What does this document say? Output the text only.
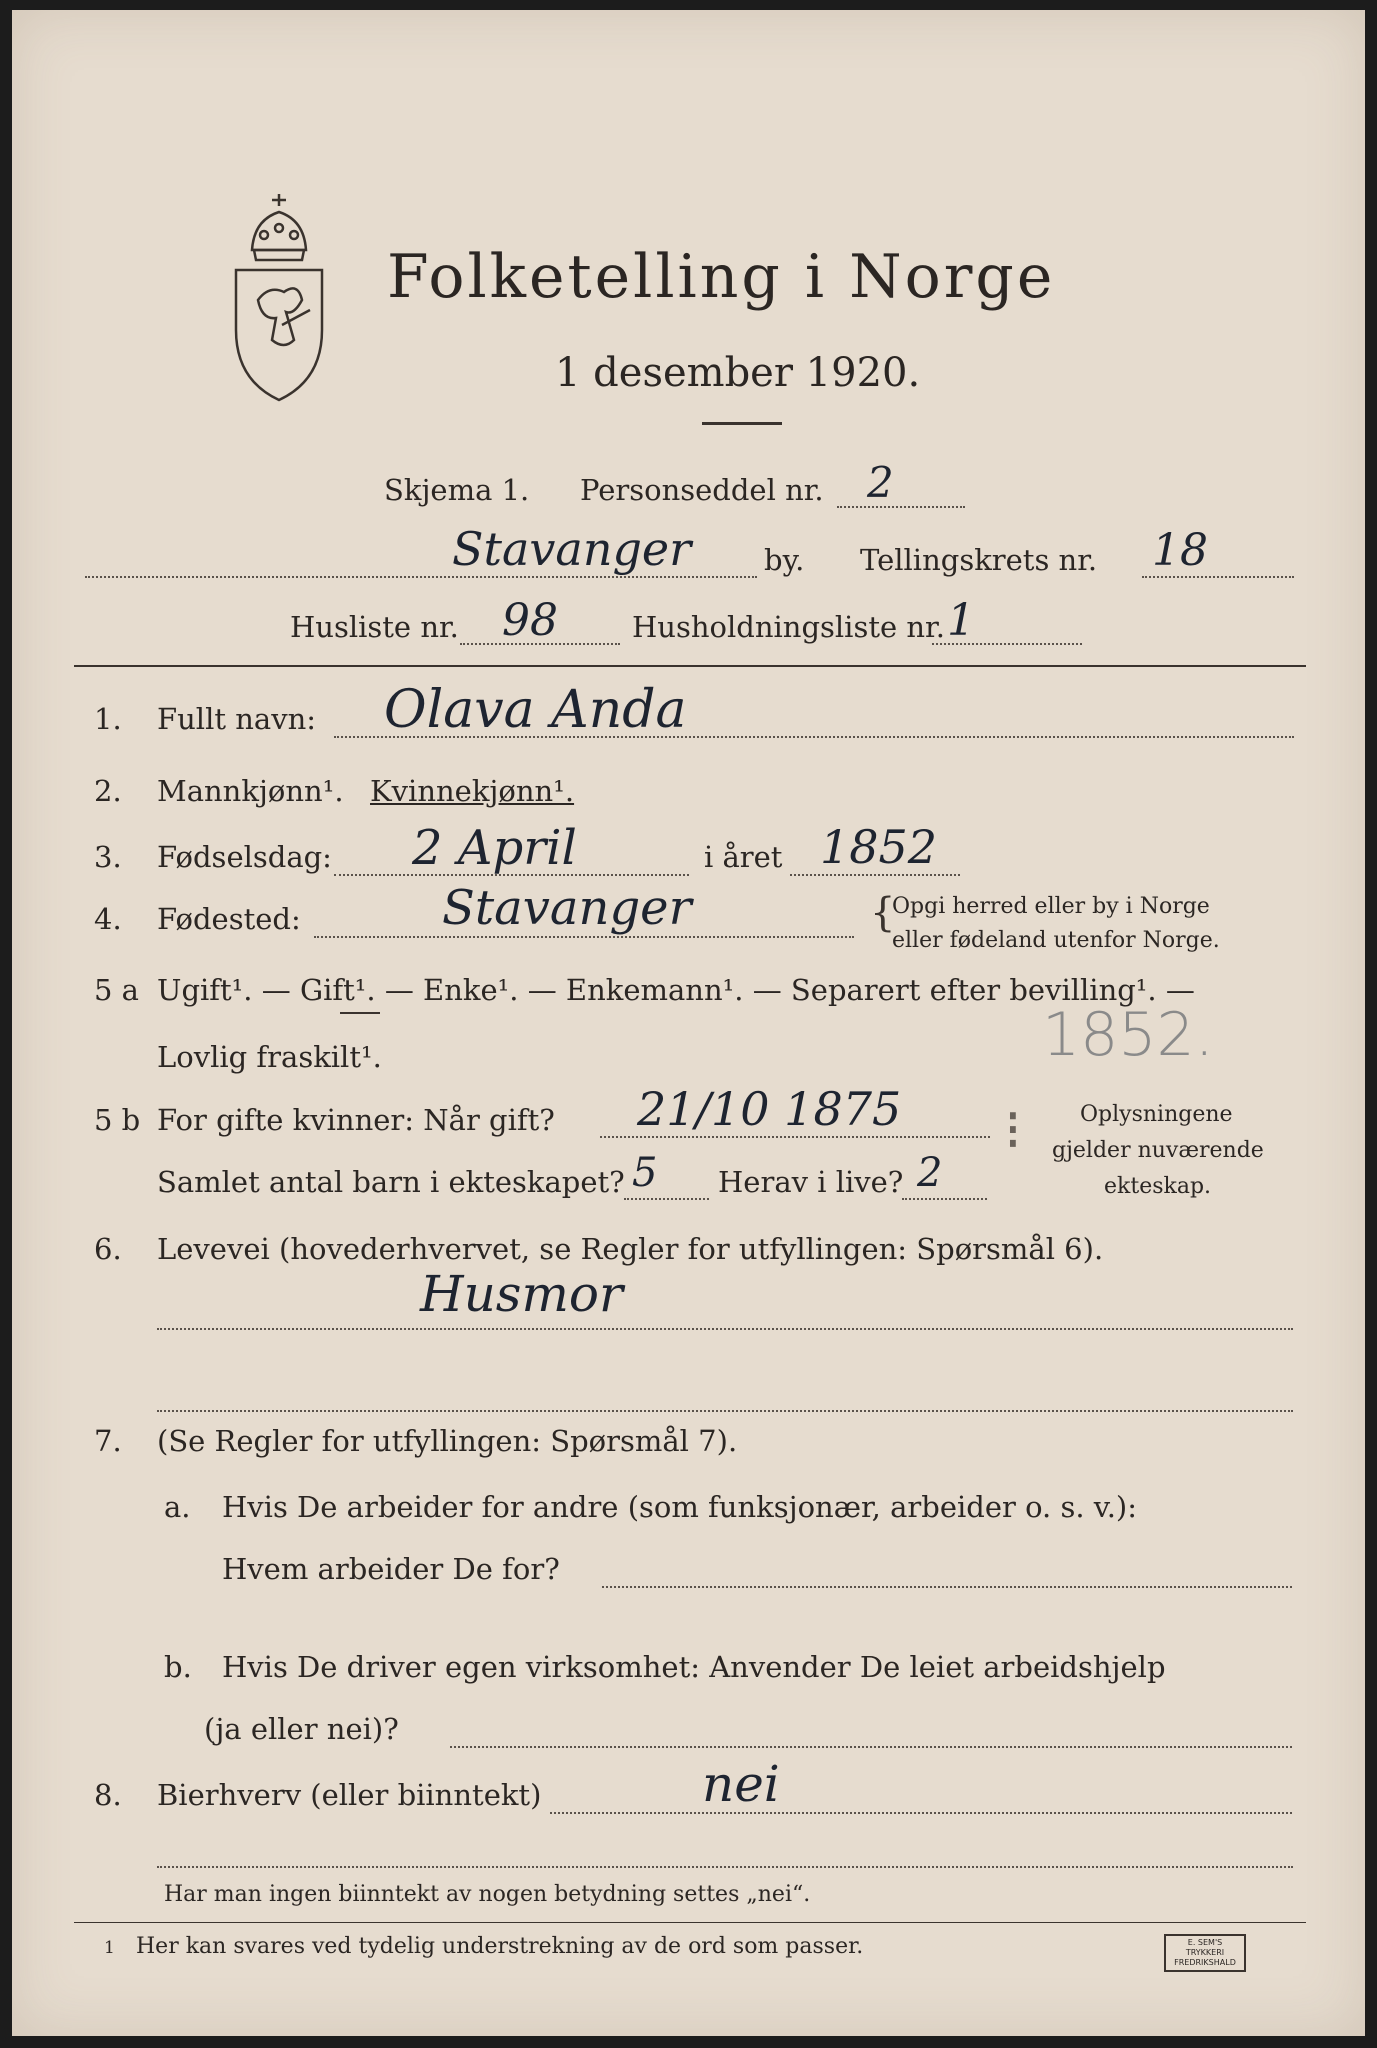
Folketelling i Norge
1 desember 1920.
Skjema 1. Personseddel nr. 2
Stavanger	by. Tellingskrets nr. 18
Husliste nr. 98	Husholdningsliste nr. 1
1. Fullt navn: Olava Anda
2. Mannkjønn¹. Kvinnekjønn¹.
3. Fødselsdag: 2 April	i året 1852
4. Fødested:	Stavanger	{
Opgi herred eller by i Norge
eller fødeland utenfor Norge.
5 a Ugift¹. — Gift¹. — Enke¹. — Enkemann¹. — Separert efter bevilling¹. —
Lovlig fraskilt¹.	1852.
5 b For gifte kvinner: Når gift? 21/10 1875
Samlet antal barn i ekteskapet? 5 Herav i live? 2
⁝	Oplysningene
gjelder nuværende
ekteskap.
6. Levevei (hovederhvervet, se Regler for utfyllingen: Spørsmål 6).
Husmor
7. (Se Regler for utfyllingen: Spørsmål 7).
a. Hvis De arbeider for andre (som funksjonær, arbeider o. s. v.):
Hvem arbeider De for?
b. Hvis De driver egen virksomhet: Anvender De leiet arbeidshjelp
(ja eller nei)?
8. Bierhverv (eller biinntekt)	nei
Har man ingen biinntekt av nogen betydning settes „nei“.
1 Her kan svares ved tydelig understrekning av de ord som passer.	E. SEM'S TRYKKERI
FREDRIKSHALD
